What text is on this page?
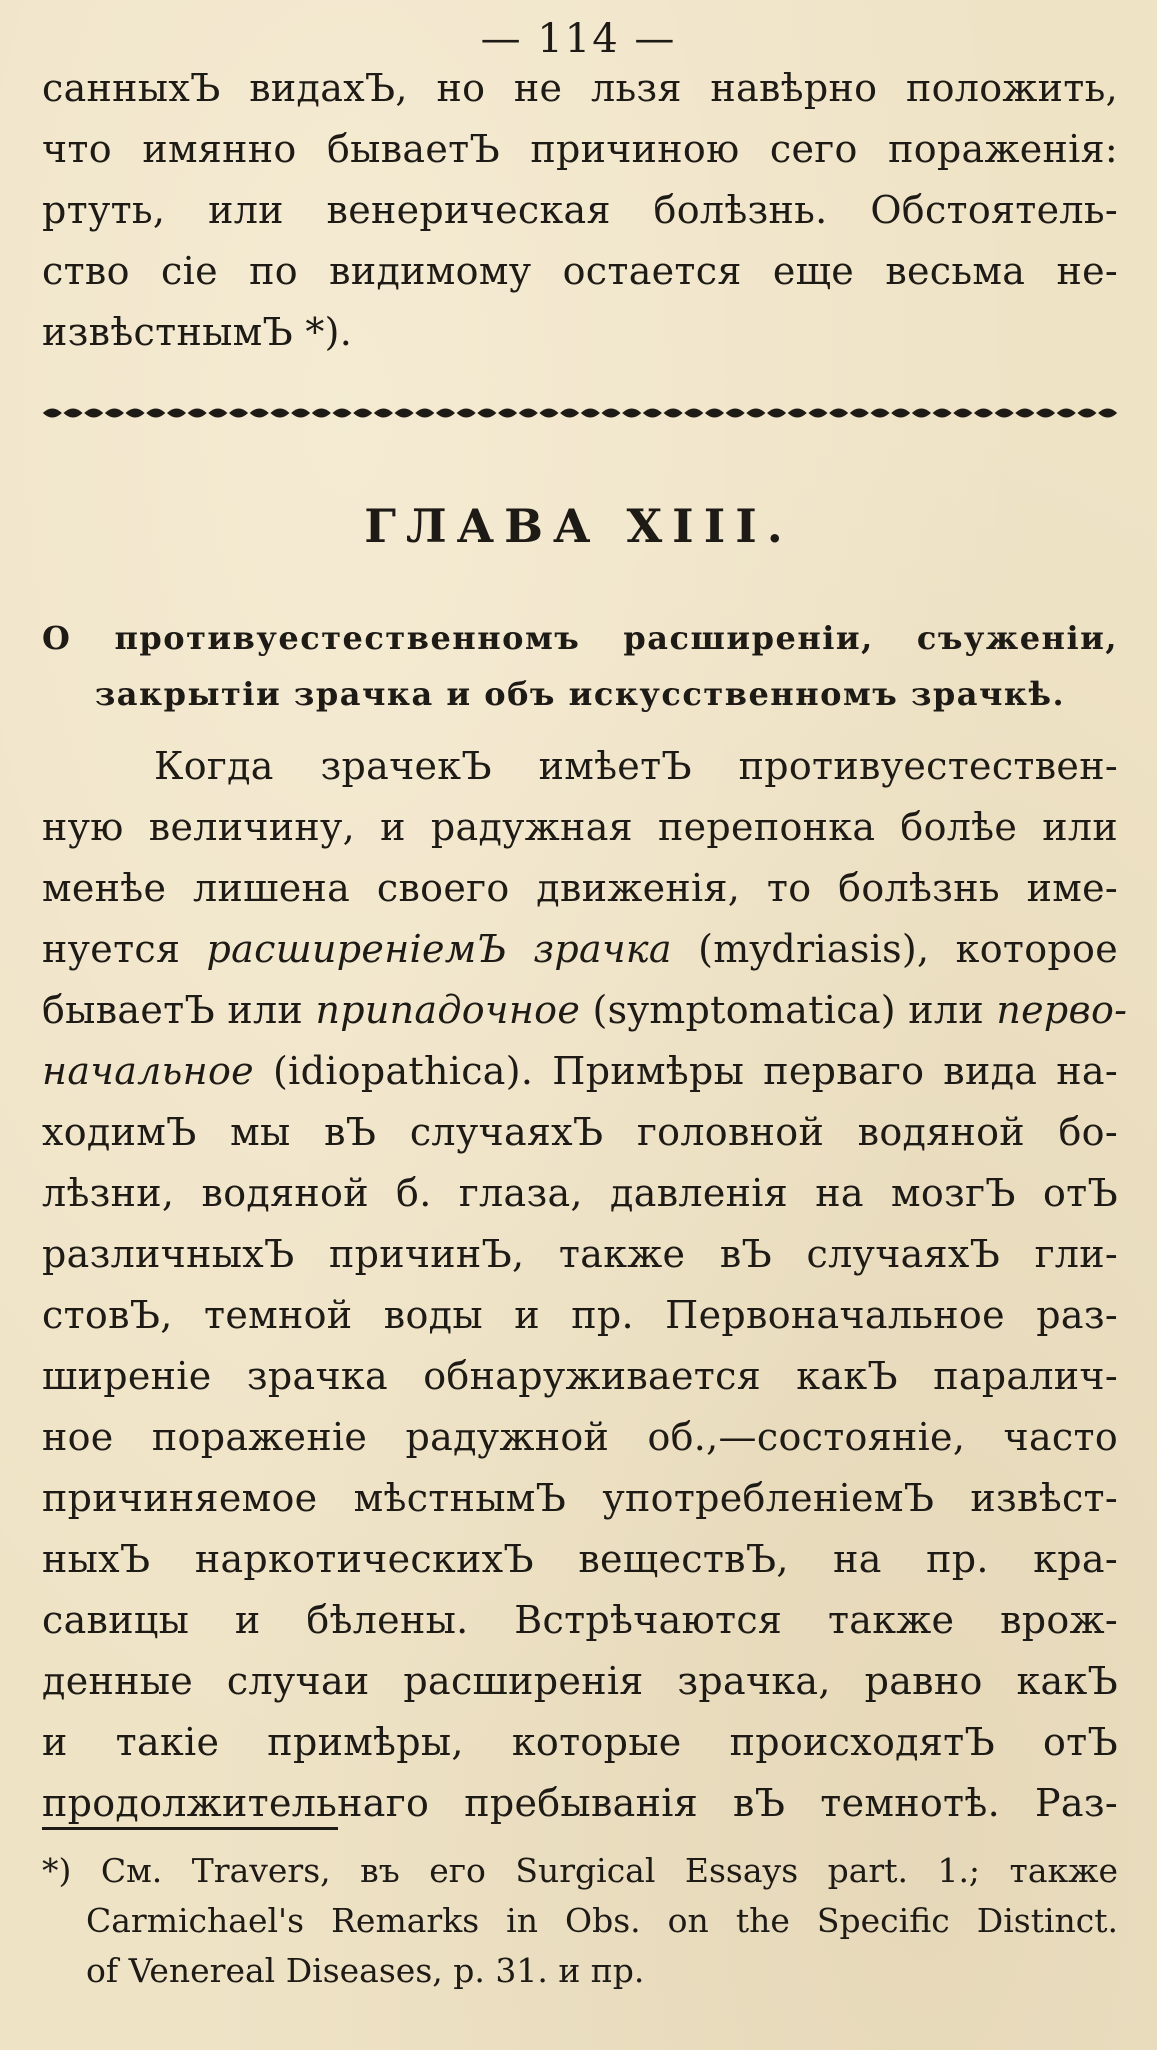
— 114 —
санныхЪ видахЪ, но не льзя навѣрно положить,
что имянно бываетЪ причиною сего пораженія:
ртуть, или венерическая болѣзнь. Обстоятель-
ство сіе по видимому остается еще весьма не-
извѣстнымЪ *).
ГЛАВА XIII.
О противуестественномъ расширеніи, съуженіи,
закрытіи зрачка и объ искусственномъ зрачкѣ.
Когда зрачекЪ имѣетЪ противуестествен-
ную величину, и радужная перепонка болѣе или
менѣе лишена своего движенія, то болѣзнь име-
нуется расширеніемЪ зрачка (mydriasis), которое
бываетЪ или припадочное (symptomatica) или перво-
начальное (idiopathica). Примѣры перваго вида на-
ходимЪ мы вЪ случаяхЪ головной водяной бо-
лѣзни, водяной б. глаза, давленія на мозгЪ отЪ
различныхЪ причинЪ, также вЪ случаяхЪ гли-
стовЪ, темной воды и пр. Первоначальное раз-
ширеніе зрачка обнаруживается какЪ паралич-
ное пораженіе радужной об.,—состояніе, часто
причиняемое мѣстнымЪ употребленіемЪ извѣст-
ныхЪ наркотическихЪ веществЪ, на пр. кра-
савицы и бѣлены. Встрѣчаются также врож-
денные случаи расширенія зрачка, равно какЪ
и такіе примѣры, которые происходятЪ отЪ
продолжительнаго пребыванія вЪ темнотѣ. Раз-
*) См. Travers, въ его Surgical Essays part. 1.; также
Carmichael's Remarks in Obs. on the Specific Distinct.
of Venereal Diseases, p. 31. и пр.
